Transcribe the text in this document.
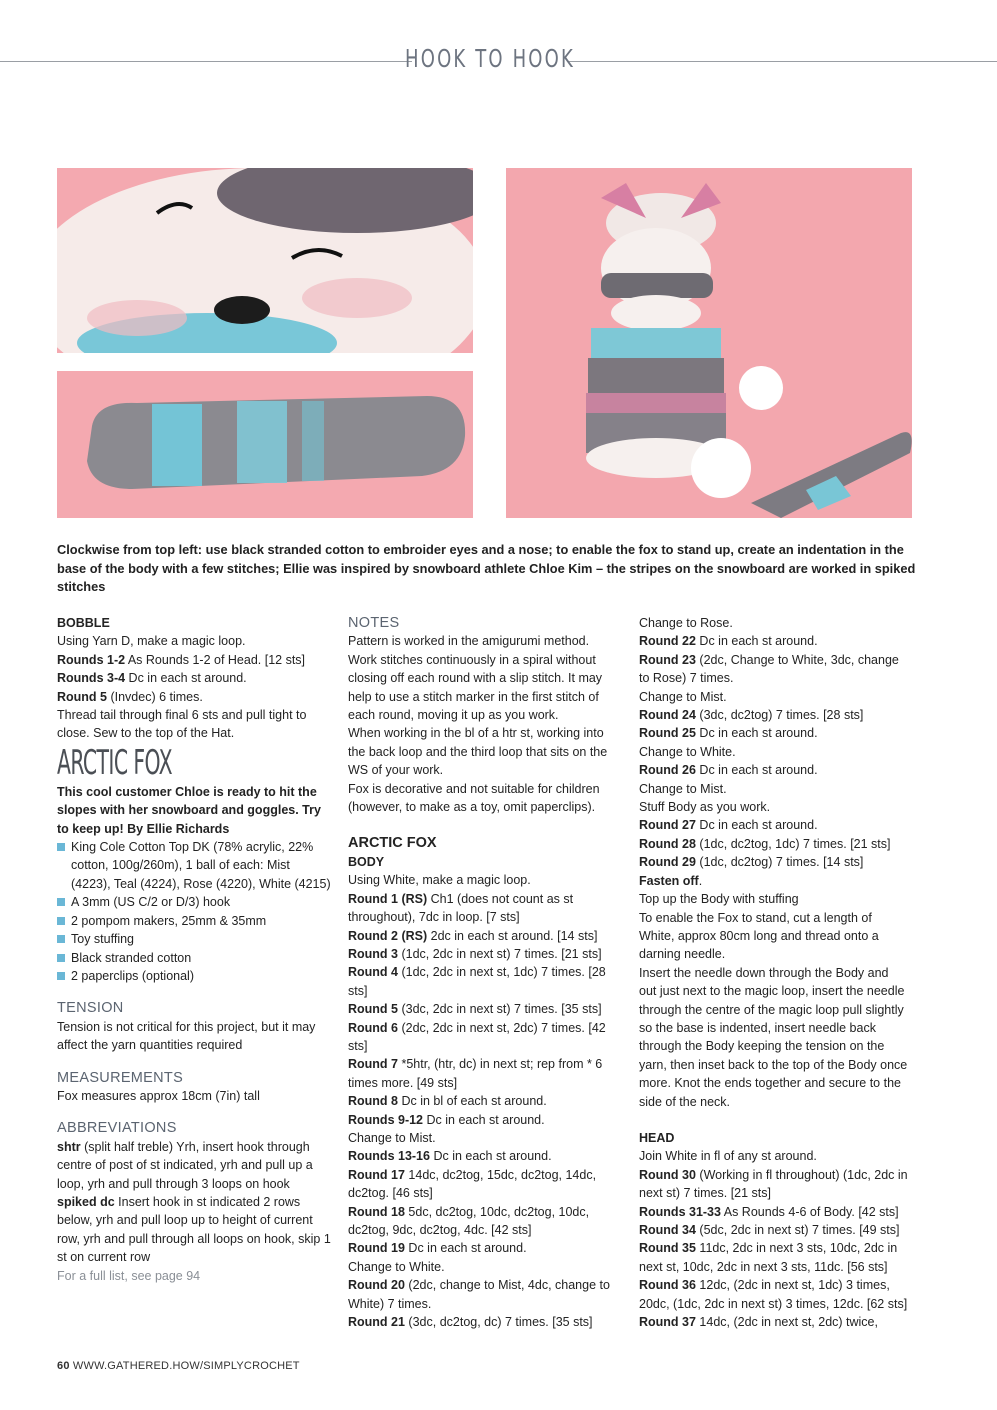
HOOK TO HOOK
Clockwise from top left: use black stranded cotton to embroider eyes and a nose; to enable the fox to stand up, create an indentation in the base of the body with a few stitches; Ellie was inspired by snowboard athlete Chloe Kim – the stripes on the snowboard are worked in spiked stitches

BOBBLE

Using Yarn D, make a magic loop.

Rounds 1-2 As Rounds 1-2 of Head. [12 sts]

Rounds 3-4 Dc in each st around.

Round 5 (Invdec) 6 times.

Thread tail through final 6 sts and pull tight to close. Sew to the top of the Hat.

ARCTIC FOX

This cool customer Chloe is ready to hit the slopes with her snowboard and goggles. Try to keep up! By Ellie Richards

King Cole Cotton Top DK (78% acrylic, 22% cotton, 100g/260m), 1 ball of each: Mist (4223), Teal (4224), Rose (4220), White (4215)
A 3mm (US C/2 or D/3) hook
2 pompom makers, 25mm & 35mm
Toy stuffing
Black stranded cotton
2 paperclips (optional)

TENSION

Tension is not critical for this project, but it may affect the yarn quantities required

MEASUREMENTS

Fox measures approx 18cm (7in) tall

ABBREVIATIONS

shtr (split half treble) Yrh, insert hook through centre of post of st indicated, yrh and pull up a loop, yrh and pull through 3 loops on hook

spiked dc Insert hook in st indicated 2 rows below, yrh and pull loop up to height of current row, yrh and pull through all loops on hook, skip 1 st on current row

For a full list, see page 94

NOTES

Pattern is worked in the amigurumi method. Work stitches continuously in a spiral without closing off each round with a slip stitch. It may help to use a stitch marker in the first stitch of each round, moving it up as you work.

When working in the bl of a htr st, working into the back loop and the third loop that sits on the WS of your work.

Fox is decorative and not suitable for children (however, to make as a toy, omit paperclips).

ARCTIC FOX

BODY

Using White, make a magic loop.

Round 1 (RS) Ch1 (does not count as st throughout), 7dc in loop. [7 sts]

Round 2 (RS) 2dc in each st around. [14 sts]

Round 3 (1dc, 2dc in next st) 7 times. [21 sts]

Round 4 (1dc, 2dc in next st, 1dc) 7 times. [28 sts]

Round 5 (3dc, 2dc in next st) 7 times. [35 sts]

Round 6 (2dc, 2dc in next st, 2dc) 7 times. [42 sts]

Round 7 *5htr, (htr, dc) in next st; rep from * 6 times more. [49 sts]

Round 8 Dc in bl of each st around.

Rounds 9-12 Dc in each st around.

Change to Mist.

Rounds 13-16 Dc in each st around.

Round 17 14dc, dc2tog, 15dc, dc2tog, 14dc, dc2tog. [46 sts]

Round 18 5dc, dc2tog, 10dc, dc2tog, 10dc, dc2tog, 9dc, dc2tog, 4dc. [42 sts]

Round 19 Dc in each st around.

Change to White.

Round 20 (2dc, change to Mist, 4dc, change to White) 7 times.

Round 21 (3dc, dc2tog, dc) 7 times. [35 sts]

Change to Rose.

Round 22 Dc in each st around.

Round 23 (2dc, Change to White, 3dc, change to Rose) 7 times.

Change to Mist.

Round 24 (3dc, dc2tog) 7 times. [28 sts]

Round 25 Dc in each st around.

Change to White.

Round 26 Dc in each st around.

Change to Mist.

Stuff Body as you work.

Round 27 Dc in each st around.

Round 28 (1dc, dc2tog, 1dc) 7 times. [21 sts]

Round 29 (1dc, dc2tog) 7 times. [14 sts]

Fasten off.

Top up the Body with stuffing

To enable the Fox to stand, cut a length of White, approx 80cm long and thread onto a darning needle.

Insert the needle down through the Body and out just next to the magic loop, insert the needle through the centre of the magic loop pull slightly so the base is indented, insert needle back through the Body keeping the tension on the yarn, then inset back to the top of the Body once more. Knot the ends together and secure to the side of the neck.

HEAD

Join White in fl of any st around.

Round 30 (Working in fl throughout) (1dc, 2dc in next st) 7 times. [21 sts]

Rounds 31-33 As Rounds 4-6 of Body. [42 sts]

Round 34 (5dc, 2dc in next st) 7 times. [49 sts]

Round 35 11dc, 2dc in next 3 sts, 10dc, 2dc in next st, 10dc, 2dc in next 3 sts, 11dc. [56 sts]

Round 36 12dc, (2dc in next st, 1dc) 3 times, 20dc, (1dc, 2dc in next st) 3 times, 12dc. [62 sts]

Round 37 14dc, (2dc in next st, 2dc) twice,

60 WWW.GATHERED.HOW/SIMPLYCROCHET
